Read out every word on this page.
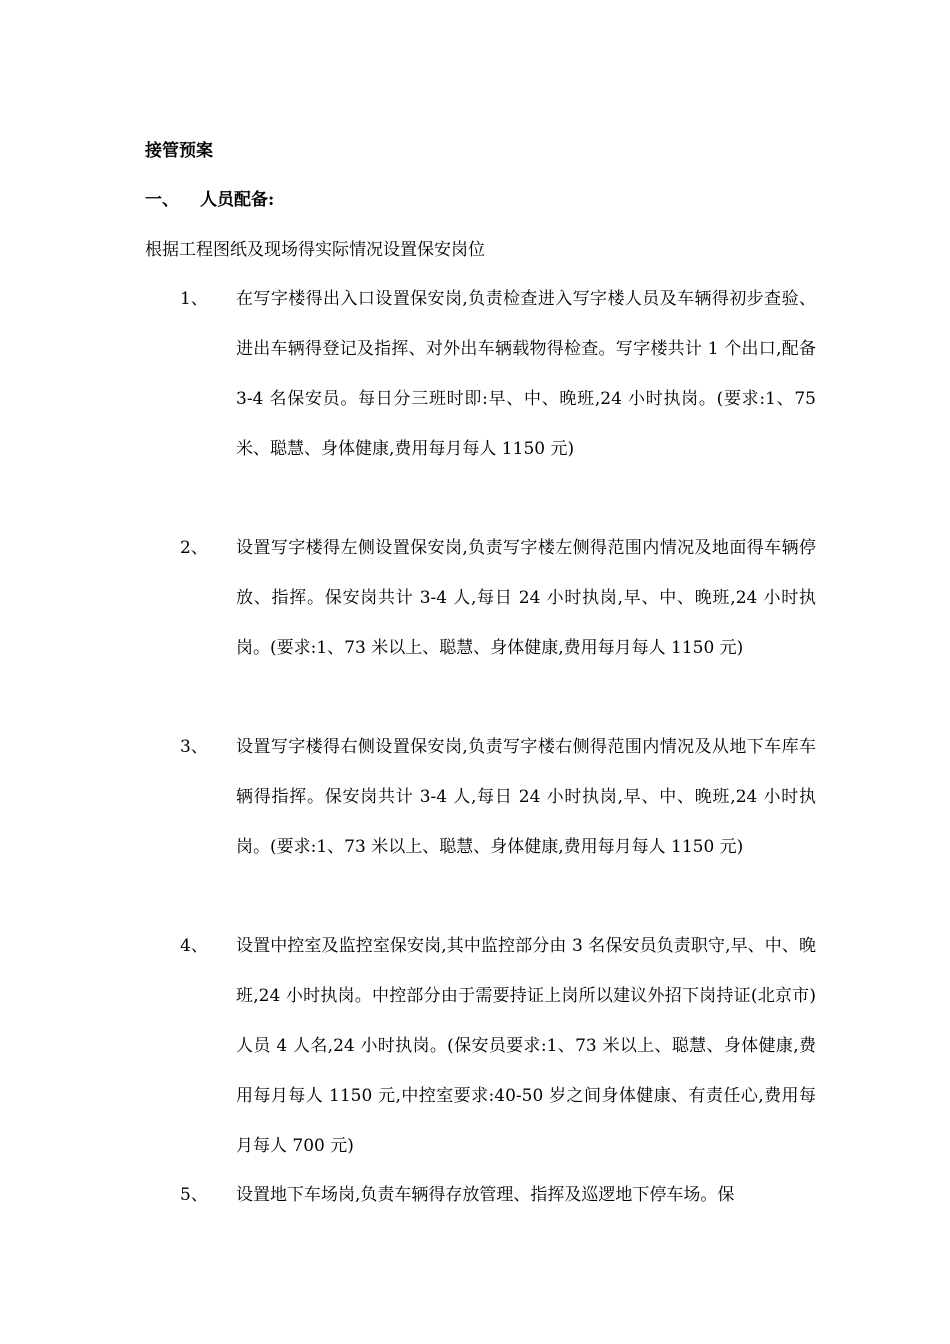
接管预案
一、 人员配备:
根据工程图纸及现场得实际情况设置保安岗位
1、	在写字楼得出入口设置保安岗,负责检查进入写字楼人员及车辆得初步查验、进出车辆得登记及指挥、对外出车辆载物得检查。写字楼共计 1 个出口,配备 3-4 名保安员。每日分三班时即:早、中、晚班,24 小时执岗。(要求:1、75 米、聪慧、身体健康,费用每月每人 1150 元)
2、	设置写字楼得左侧设置保安岗,负责写字楼左侧得范围内情况及地面得车辆停放、指挥。保安岗共计 3-4 人,每日 24 小时执岗,早、中、晚班,24 小时执岗。(要求:1、73 米以上、聪慧、身体健康,费用每月每人 1150 元)
3、	设置写字楼得右侧设置保安岗,负责写字楼右侧得范围内情况及从地下车库车辆得指挥。保安岗共计 3-4 人,每日 24 小时执岗,早、中、晚班,24 小时执岗。(要求:1、73 米以上、聪慧、身体健康,费用每月每人 1150 元)
4、	设置中控室及监控室保安岗,其中监控部分由 3 名保安员负责职守,早、中、晚班,24 小时执岗。中控部分由于需要持证上岗所以建议外招下岗持证(北京市)人员 4 人名,24 小时执岗。(保安员要求:1、73 米以上、聪慧、身体健康,费用每月每人 1150 元,中控室要求:40-50 岁之间身体健康、有责任心,费用每月每人 700 元)
5、	设置地下车场岗,负责车辆得存放管理、指挥及巡逻地下停车场。保
